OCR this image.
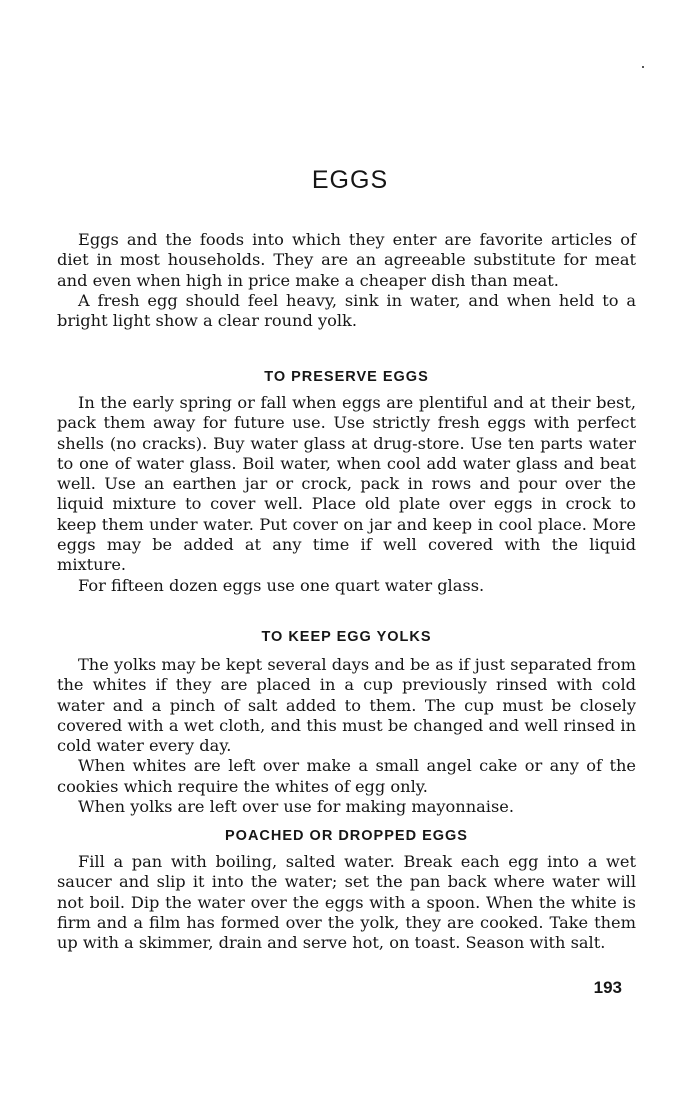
EGGS

Eggs and the foods into which they enter are favorite articles of diet in most households. They are an agreeable substitute for meat and even when high in price make a cheaper dish than meat.

A fresh egg should feel heavy, sink in water, and when held to a bright light show a clear round yolk.

TO PRESERVE EGGS

In the early spring or fall when eggs are plentiful and at their best, pack them away for future use. Use strictly fresh eggs with perfect shells (no cracks). Buy water glass at drug-store. Use ten parts water to one of water glass. Boil water, when cool add water glass and beat well. Use an earthen jar or crock, pack in rows and pour over the liquid mixture to cover well. Place old plate over eggs in crock to keep them under water. Put cover on jar and keep in cool place. More eggs may be added at any time if well covered with the liquid mixture.

For fifteen dozen eggs use one quart water glass.

TO KEEP EGG YOLKS

The yolks may be kept several days and be as if just separated from the whites if they are placed in a cup previously rinsed with cold water and a pinch of salt added to them. The cup must be closely covered with a wet cloth, and this must be changed and well rinsed in cold water every day.

When whites are left over make a small angel cake or any of the cookies which require the whites of egg only.

When yolks are left over use for making mayonnaise.

POACHED OR DROPPED EGGS

Fill a pan with boiling, salted water. Break each egg into a wet saucer and slip it into the water; set the pan back where water will not boil. Dip the water over the eggs with a spoon. When the white is firm and a film has formed over the yolk, they are cooked. Take them up with a skimmer, drain and serve hot, on toast. Season with salt.

193
